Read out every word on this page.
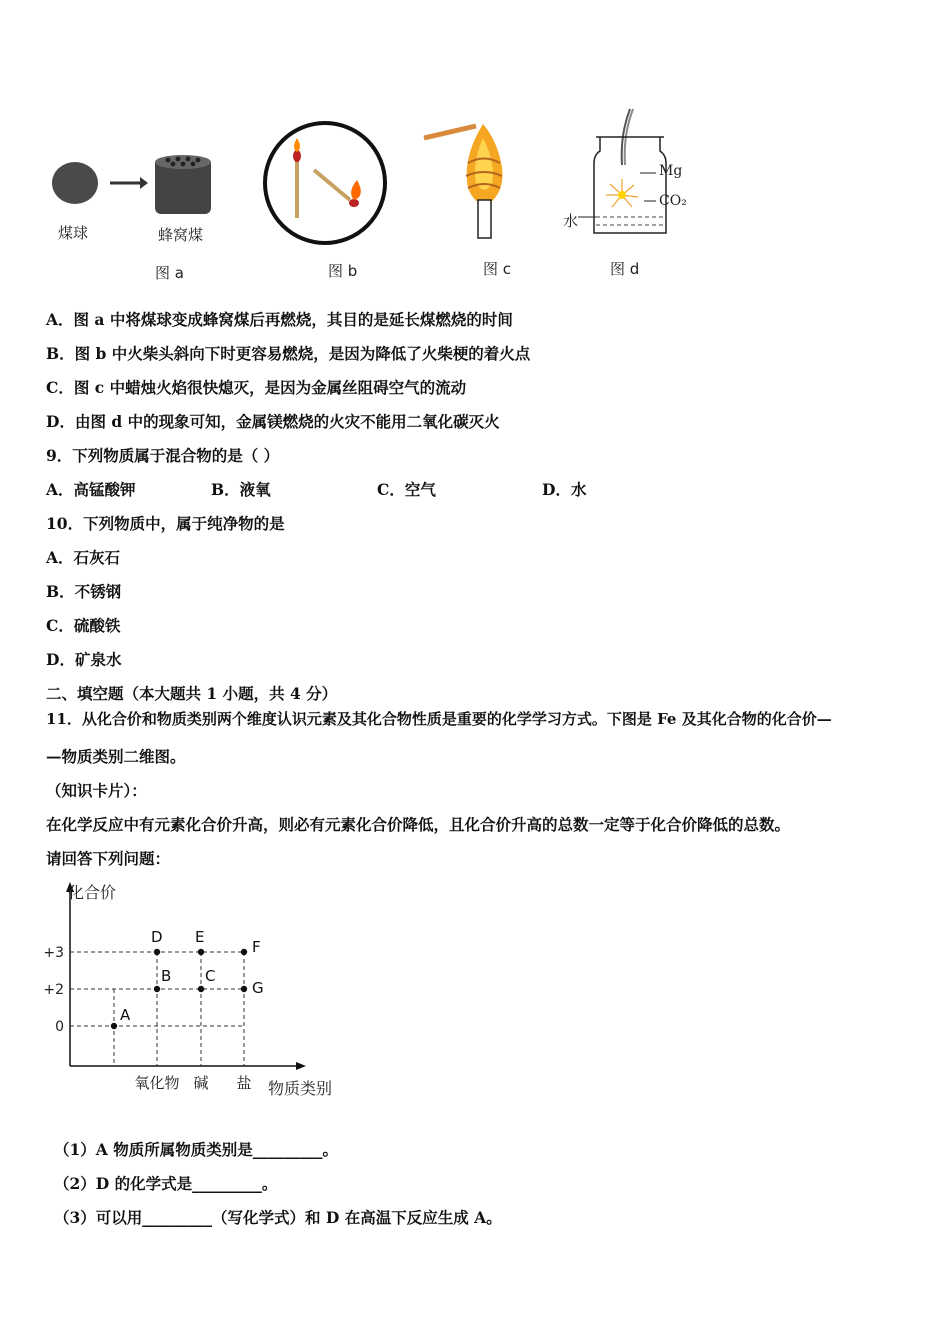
煤球	蜂窝煤
图 a	图 b	图 c
Mg
CO₂
水
图 d
A．图 a 中将煤球变成蜂窝煤后再燃烧，其目的是延长煤燃烧的时间
B．图 b 中火柴头斜向下时更容易燃烧，是因为降低了火柴梗的着火点
C．图 c 中蜡烛火焰很快熄灭，是因为金属丝阻碍空气的流动
D．由图 d 中的现象可知，金属镁燃烧的火灾不能用二氧化碳灭火
9．下列物质属于混合物的是（ ）
A．高锰酸钾	B．液氧	C．空气	D．水
10．下列物质中，属于纯净物的是
A．石灰石
B．不锈钢
C．硫酸铁
D．矿泉水
二、填空题（本大题共 1 小题，共 4 分）
11．从化合价和物质类别两个维度认识元素及其化合物性质是重要的化学学习方式。下图是 Fe 及其化合物的化合价—
—物质类别二维图。
（知识卡片）：
在化学反应中有元素化合价升高，则必有元素化合价降低，且化合价升高的总数一定等于化合价降低的总数。
请回答下列问题：
化合价
物质类别
0
+2
+3
氧化物 碱 盐
A
B C
D E
F
G
（1）A 物质所属物质类别是_________。
（2）D 的化学式是_________。
（3）可以用_________（写化学式）和 D 在高温下反应生成 A。
